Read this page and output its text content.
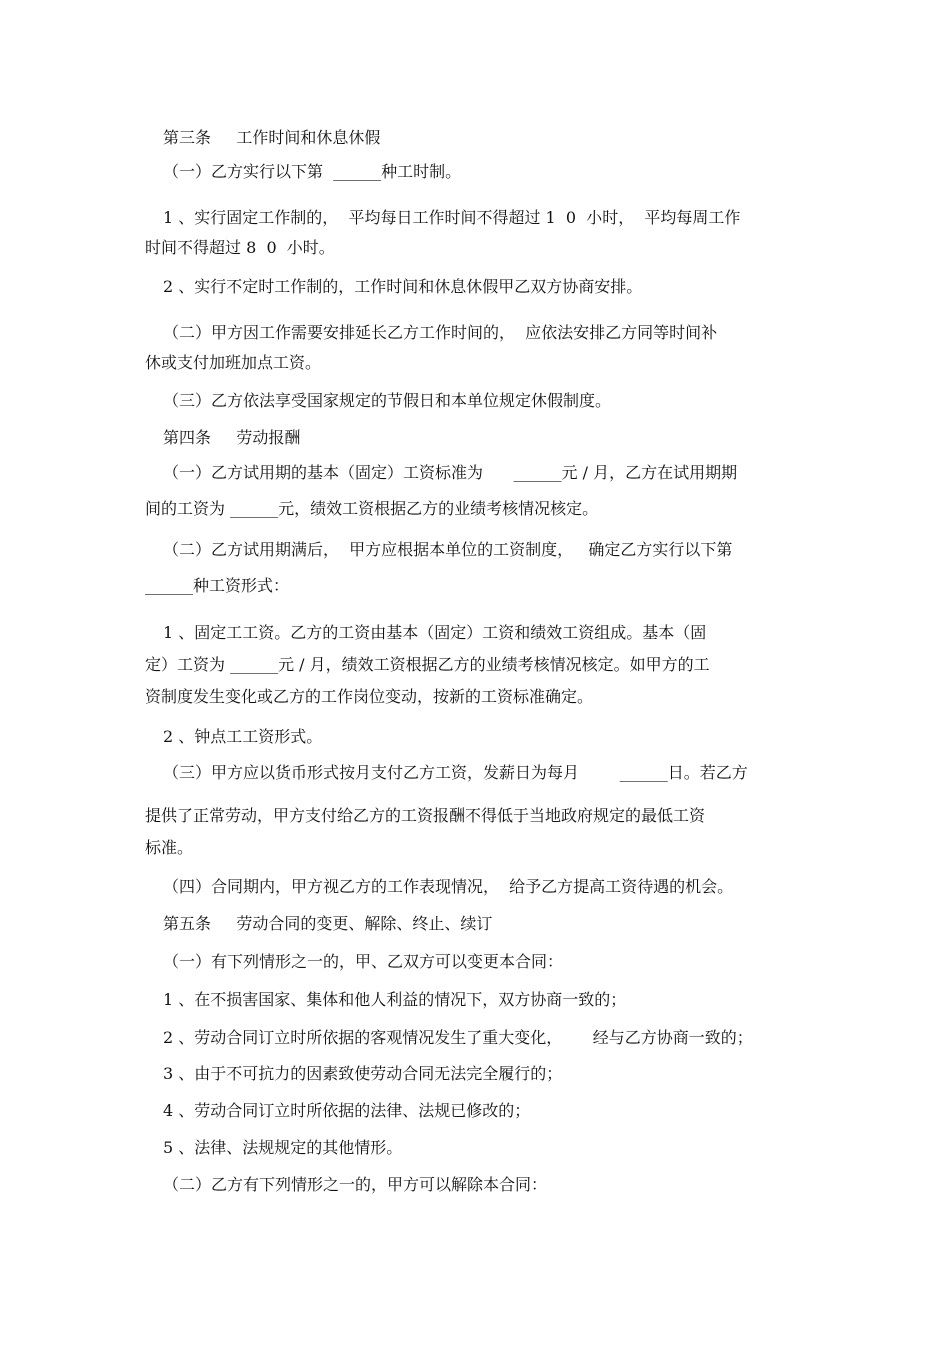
第三条     工作时间和休息休假

（一）乙方实行以下第  ______种工时制。

1 、实行固定工作制的，  平均每日工作时间不得超过 1  0  小时，  平均每周工作

时间不得超过 8  0  小时。

2 、实行不定时工作制的，工作时间和休息休假甲乙双方协商安排。

（二）甲方因工作需要安排延长乙方工作时间的，  应依法安排乙方同等时间补

休或支付加班加点工资。

（三）乙方依法享受国家规定的节假日和本单位规定休假制度。

第四条     劳动报酬

（一）乙方试用期的基本（固定）工资标准为      ______元 / 月，乙方在试用期期

间的工资为 ______元，绩效工资根据乙方的业绩考核情况核定。

（二）乙方试用期满后，  甲方应根据本单位的工资制度，   确定乙方实行以下第

______种工资形式：

1 、固定工工资。乙方的工资由基本（固定）工资和绩效工资组成。基本（固

定）工资为 ______元 / 月，绩效工资根据乙方的业绩考核情况核定。如甲方的工

资制度发生变化或乙方的工作岗位变动，按新的工资标准确定。

2 、钟点工工资形式。

（三）甲方应以货币形式按月支付乙方工资，发薪日为每月        ______日。若乙方

提供了正常劳动，甲方支付给乙方的工资报酬不得低于当地政府规定的最低工资

标准。

（四）合同期内，甲方视乙方的工作表现情况，  给予乙方提高工资待遇的机会。

第五条     劳动合同的变更、解除、终止、续订

（一）有下列情形之一的，甲、乙双方可以变更本合同：

1 、在不损害国家、集体和他人利益的情况下，双方协商一致的；

2 、劳动合同订立时所依据的客观情况发生了重大变化，      经与乙方协商一致的；

3 、由于不可抗力的因素致使劳动合同无法完全履行的；

4 、劳动合同订立时所依据的法律、法规已修改的；

5 、法律、法规规定的其他情形。

（二）乙方有下列情形之一的，甲方可以解除本合同：
